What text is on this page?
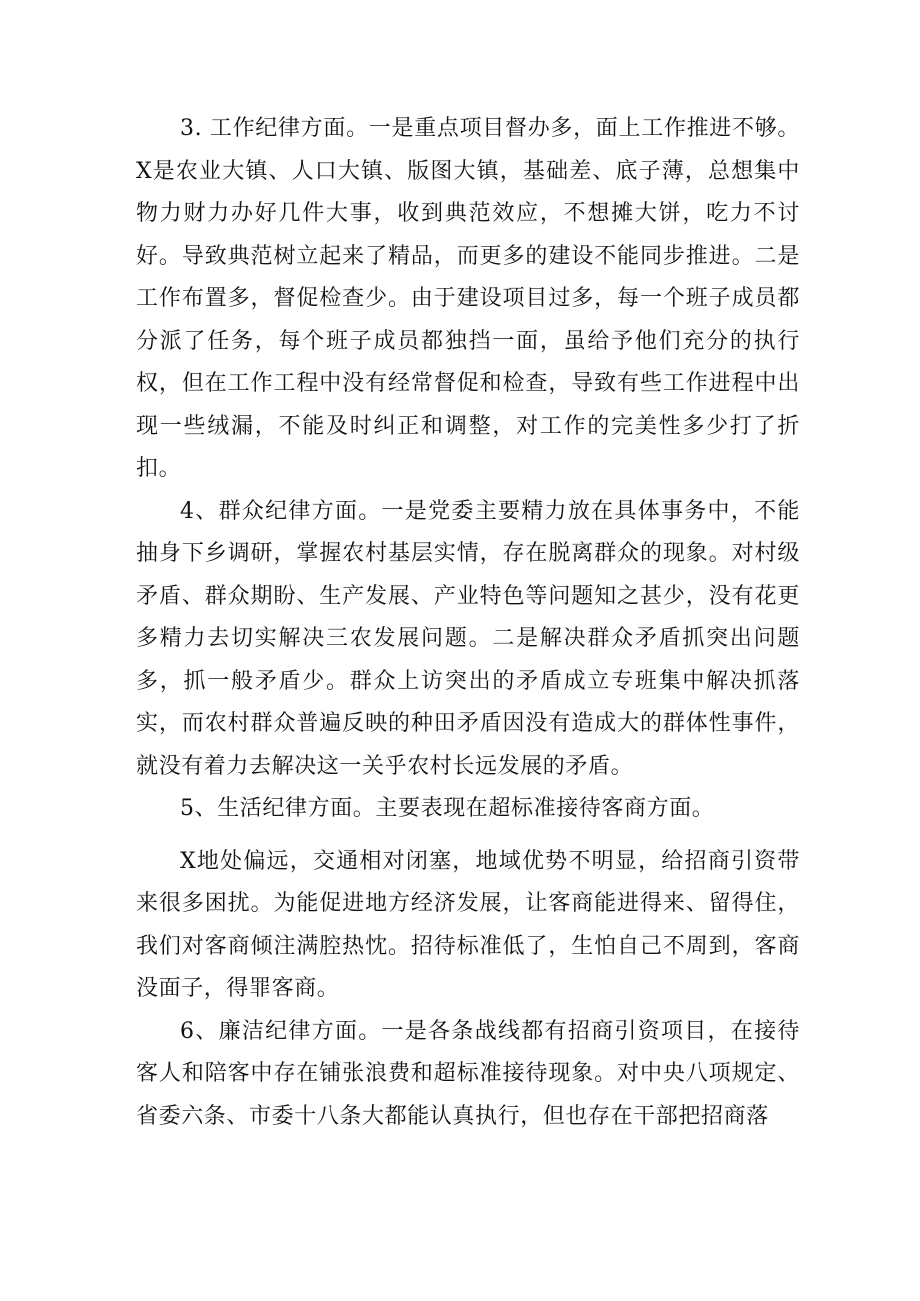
3. 工作纪律方面。一是重点项目督办多，面上工作推进不够。X是农业大镇、人口大镇、版图大镇，基础差、底子薄，总想集中物力财力办好几件大事，收到典范效应，不想摊大饼，吃力不讨好。导致典范树立起来了精品，而更多的建设不能同步推进。二是工作布置多，督促检查少。由于建设项目过多，每一个班子成员都分派了任务，每个班子成员都独挡一面，虽给予他们充分的执行权，但在工作工程中没有经常督促和检查，导致有些工作进程中出现一些绒漏，不能及时纠正和调整，对工作的完美性多少打了折扣。

4、群众纪律方面。一是党委主要精力放在具体事务中，不能抽身下乡调研，掌握农村基层实情，存在脱离群众的现象。对村级矛盾、群众期盼、生产发展、产业特色等问题知之甚少，没有花更多精力去切实解决三农发展问题。二是解决群众矛盾抓突出问题多，抓一般矛盾少。群众上访突出的矛盾成立专班集中解决抓落实，而农村群众普遍反映的种田矛盾因没有造成大的群体性事件，就没有着力去解决这一关乎农村长远发展的矛盾。

5、生活纪律方面。主要表现在超标准接待客商方面。

X地处偏远，交通相对闭塞，地域优势不明显，给招商引资带来很多困扰。为能促进地方经济发展，让客商能进得来、留得住，我们对客商倾注满腔热忱。招待标准低了，生怕自己不周到，客商没面子，得罪客商。

6、廉洁纪律方面。一是各条战线都有招商引资项目，在接待客人和陪客中存在铺张浪费和超标准接待现象。对中央八项规定、省委六条、市委十八条大都能认真执行，但也存在干部把招商落
